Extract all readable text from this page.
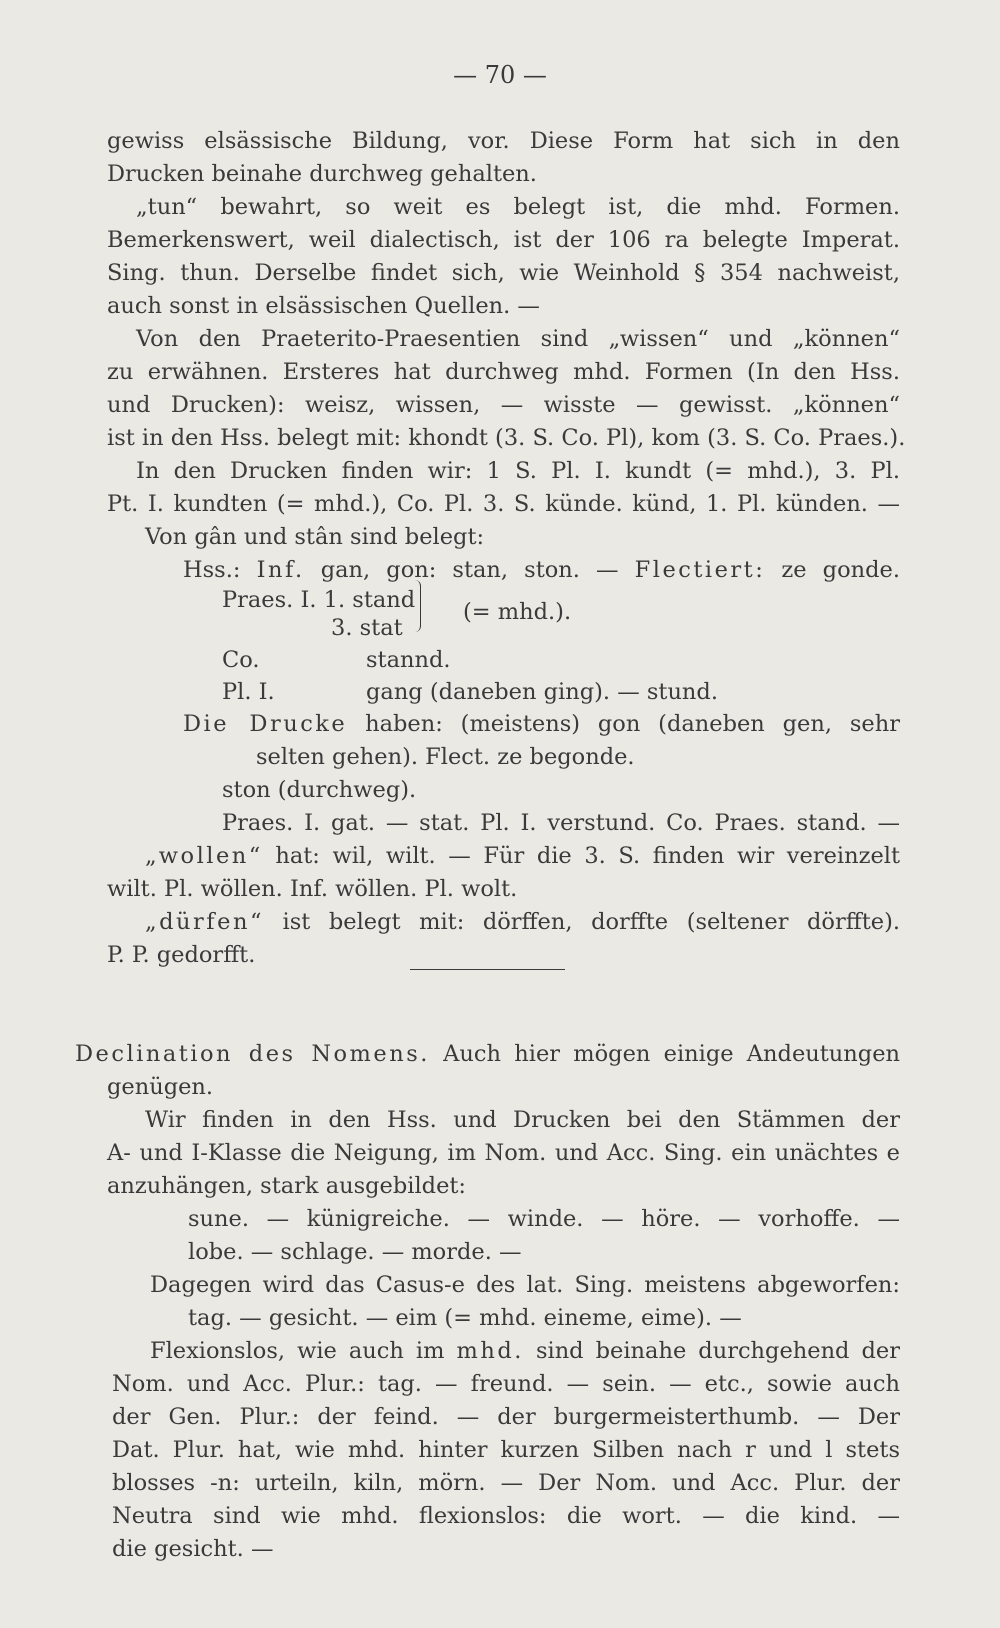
— 70 —
gewiss elsässische Bildung, vor. Diese Form hat sich in den
Drucken beinahe durchweg gehalten.
„tun“ bewahrt, so weit es belegt ist, die mhd. Formen.
Bemerkenswert, weil dialectisch, ist der 106 ra belegte Imperat.
Sing. thun. Derselbe findet sich, wie Weinhold § 354 nachweist,
auch sonst in elsässischen Quellen. —
Von den Praeterito-Praesentien sind „wissen“ und „können“
zu erwähnen. Ersteres hat durchweg mhd. Formen (In den Hss.
und Drucken): weisz, wissen, — wisste — gewisst. „können“
ist in den Hss. belegt mit: khondt (3. S. Co. Pl), kom (3. S. Co. Praes.).
In den Drucken finden wir: 1 S. Pl. I. kundt (= mhd.), 3. Pl.
Pt. I. kundten (= mhd.), Co. Pl. 3. S. künde. künd, 1. Pl. künden. —
Von gân und stân sind belegt:
Hss.: Inf. gan, gon: stan, ston. — Flectiert: ze gonde.
Praes. I. 1. stand (= mhd.).
3. stat
Co.	stannd.
Pl. I.	gang (daneben ging). — stund.
Die Drucke haben: (meistens) gon (daneben gen, sehr
selten gehen). Flect. ze begonde.
ston (durchweg).
Praes. I. gat. — stat. Pl. I. verstund. Co. Praes. stand. —
„wollen“ hat: wil, wilt. — Für die 3. S. finden wir vereinzelt
wilt. Pl. wöllen. Inf. wöllen. Pl. wolt.
„dürfen“ ist belegt mit: dörffen, dorffte (seltener dörffte).
P. P. gedorfft.
Declination des Nomens. Auch hier mögen einige Andeutungen
genügen.
Wir finden in den Hss. und Drucken bei den Stämmen der
A- und I-Klasse die Neigung, im Nom. und Acc. Sing. ein unächtes e
anzuhängen, stark ausgebildet:
sune. — künigreiche. — winde. — höre. — vorhoffe. —
lobe. — schlage. — morde. —
Dagegen wird das Casus-e des lat. Sing. meistens abgeworfen:
tag. — gesicht. — eim (= mhd. eineme, eime). —
Flexionslos, wie auch im mhd. sind beinahe durchgehend der
Nom. und Acc. Plur.: tag. — freund. — sein. — etc., sowie auch
der Gen. Plur.: der feind. — der burgermeisterthumb. — Der
Dat. Plur. hat, wie mhd. hinter kurzen Silben nach r und l stets
blosses -n: urteiln, kiln, mörn. — Der Nom. und Acc. Plur. der
Neutra sind wie mhd. flexionslos: die wort. — die kind. —
die gesicht. —
